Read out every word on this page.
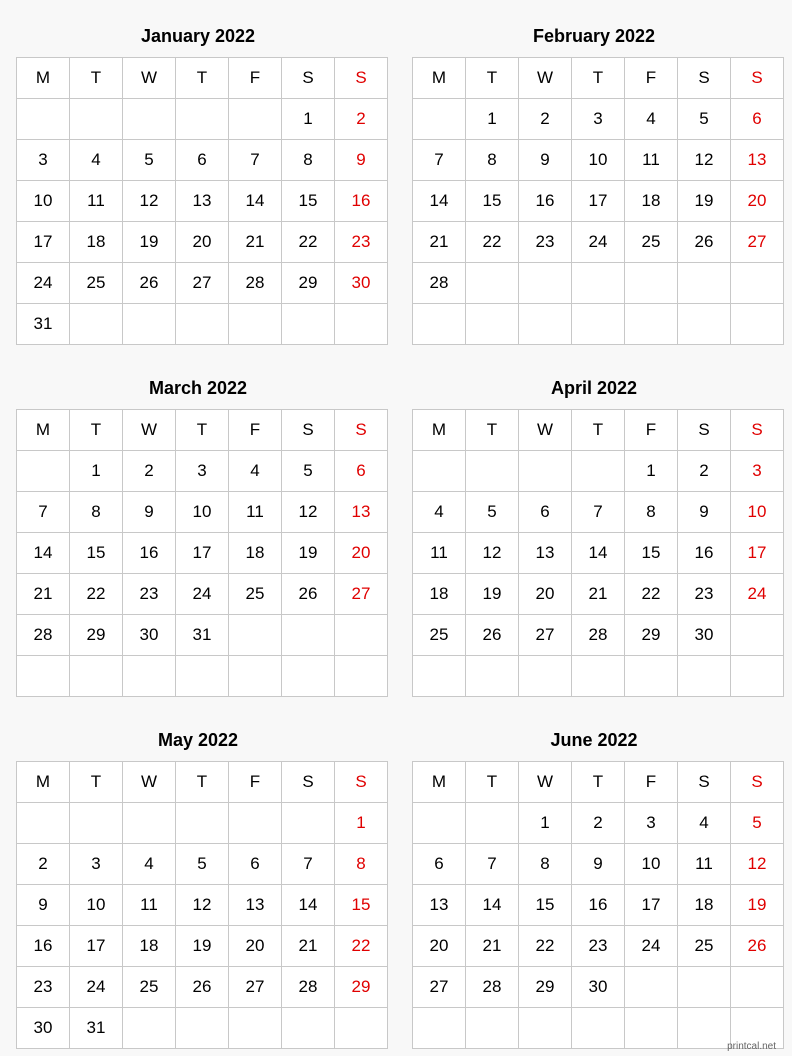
January 2022
M	T	W	T	F	S	S
					1	2
3	4	5	6	7	8	9
10	11	12	13	14	15	16
17	18	19	20	21	22	23
24	25	26	27	28	29	30
31						
February 2022
M	T	W	T	F	S	S
	1	2	3	4	5	6
7	8	9	10	11	12	13
14	15	16	17	18	19	20
21	22	23	24	25	26	27
28						

March 2022
M	T	W	T	F	S	S
	1	2	3	4	5	6
7	8	9	10	11	12	13
14	15	16	17	18	19	20
21	22	23	24	25	26	27
28	29	30	31			

April 2022
M	T	W	T	F	S	S
				1	2	3
4	5	6	7	8	9	10
11	12	13	14	15	16	17
18	19	20	21	22	23	24
25	26	27	28	29	30	

May 2022
M	T	W	T	F	S	S
						1
2	3	4	5	6	7	8
9	10	11	12	13	14	15
16	17	18	19	20	21	22
23	24	25	26	27	28	29
30	31					
June 2022
M	T	W	T	F	S	S
		1	2	3	4	5
6	7	8	9	10	11	12
13	14	15	16	17	18	19
20	21	22	23	24	25	26
27	28	29	30			

printcal.net
